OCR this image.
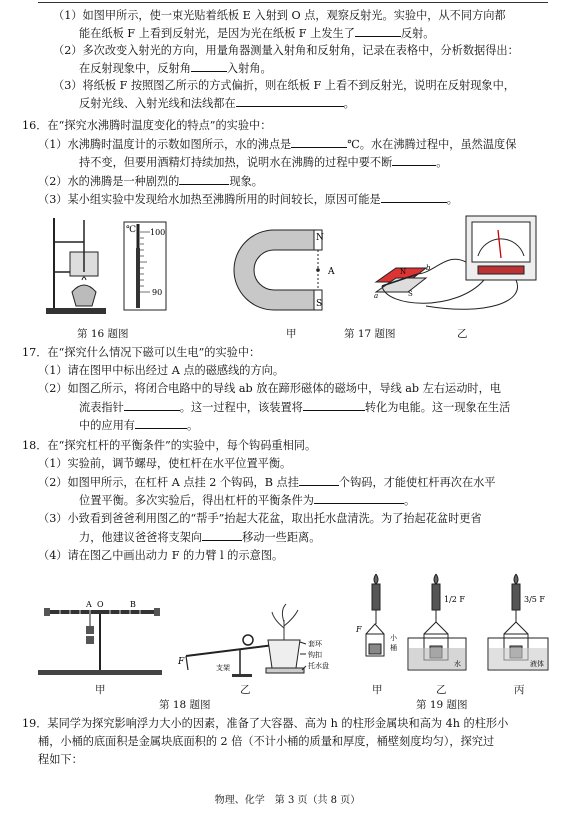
（1）如图甲所示，使一束光贴着纸板 E 入射到 O 点，观察反射光。实验中，从不同方向都
能在纸板 F 上看到反射光，是因为光在纸板 F 上发生了	反射。
（2）多次改变入射光的方向，用量角器测量入射角和反射角，记录在表格中，分析数据得出：
在反射现象中，反射角	入射角。
（3）将纸板 F 按照图乙所示的方式偏折，则在纸板 F 上看不到反射光，说明在反射现象中，
反射光线、入射光线和法线都在	。
16．在“探究水沸腾时温度变化的特点”的实验中：
（1）水沸腾时温度计的示数如图所示，水的沸点是	℃。水在沸腾过程中，虽然温度保
持不变，但要用酒精灯持续加热，说明水在沸腾的过程中要不断	。
（2）水的沸腾是一种剧烈的	现象。
（3）某小组实验中发现给水加热至沸腾所用的时间较长，原因可能是	。
℃ 100
90
N
S
A	N
S
a
b
第 16 题图	甲	第 17 题图	乙
17．在“探究什么情况下磁可以生电”的实验中：
（1）请在图甲中标出经过 A 点的磁感线的方向。
（2）如图乙所示，将闭合电路中的导线 ab 放在蹄形磁体的磁场中，导线 ab 左右运动时，电
流表指针	。这一过程中，该装置将	转化为电能。这一现象在生活
中的应用有	。
18．在“探究杠杆的平衡条件”的实验中，每个钩码重相同。
（1）实验前，调节螺母，使杠杆在水平位置平衡。
（2）如图甲所示，在杠杆 A 点挂 2 个钩码，B 点挂	个钩码，才能使杠杆再次在水平
位置平衡。多次实验后，得出杠杆的平衡条件为	。
（3）小致看到爸爸利用图乙的“帮手”抬起大花盆，取出托水盘清洗。为了抬起花盆时更省
力，他建议爸爸将支架向	移动一些距离。
（4）请在图乙中画出动力 F 的力臂 l 的示意图。
A O	B
F
支架
套环
钩扣
托水盘
F
小
桶
1/2 F
水
3/5 F
液体
甲	乙	甲	乙	丙
第 18 题图	第 19 题图
19．某同学为探究影响浮力大小的因素，准备了大容器、高为 h 的柱形金属块和高为 4h 的柱形小
桶，小桶的底面积是金属块底面积的 2 倍（不计小桶的质量和厚度，桶壁刻度均匀），探究过
程如下：
物理、化学　第 3 页（共 8 页）
